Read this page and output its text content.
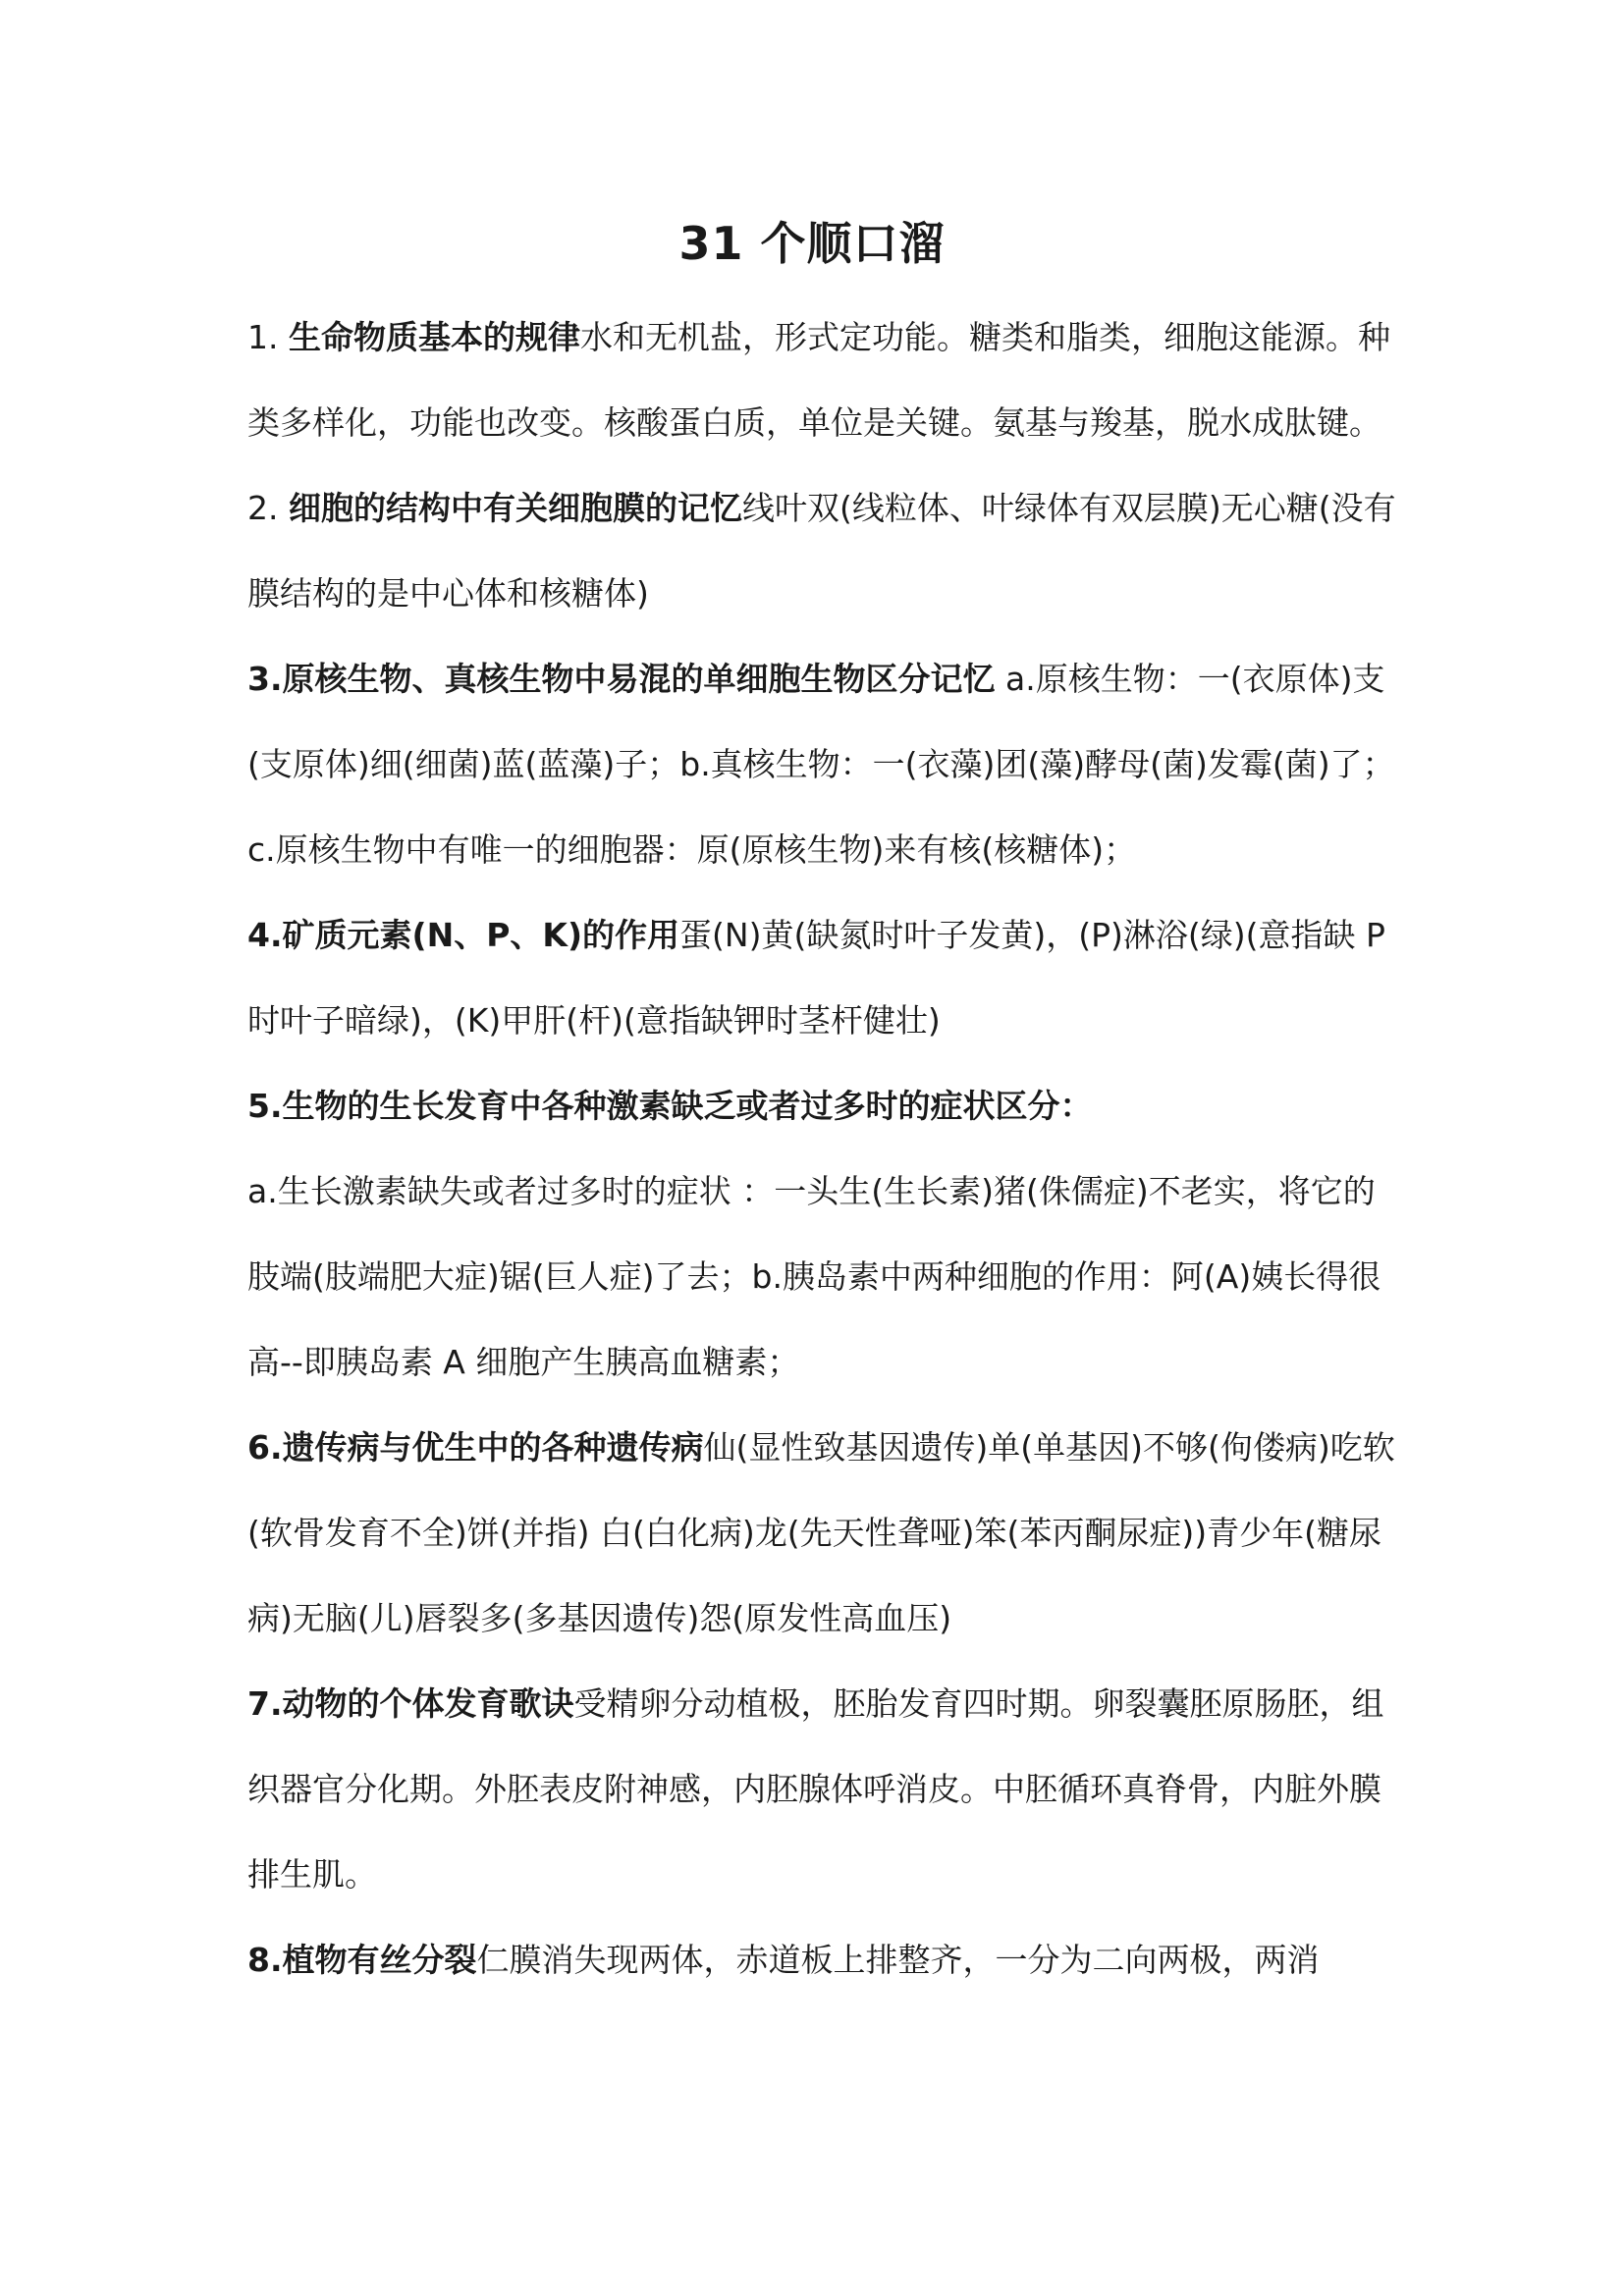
31 个顺口溜

1. 生命物质基本的规律水和无机盐，形式定功能。糖类和脂类，细胞这能源。种类多样化，功能也改变。核酸蛋白质，单位是关键。氨基与羧基，脱水成肽键。

2. 细胞的结构中有关细胞膜的记忆线叶双(线粒体、叶绿体有双层膜)无心糖(没有膜结构的是中心体和核糖体)

3.原核生物、真核生物中易混的单细胞生物区分记忆 a.原核生物：一(衣原体)支(支原体)细(细菌)蓝(蓝藻)子；b.真核生物：一(衣藻)团(藻)酵母(菌)发霉(菌)了；c.原核生物中有唯一的细胞器：原(原核生物)来有核(核糖体)；

4.矿质元素(N、P、K)的作用蛋(N)黄(缺氮时叶子发黄)，(P)淋浴(绿)(意指缺 P 时叶子暗绿)，(K)甲肝(杆)(意指缺钾时茎杆健壮)

5.生物的生长发育中各种激素缺乏或者过多时的症状区分：

a.生长激素缺失或者过多时的症状 ：一头生(生长素)猪(侏儒症)不老实，将它的肢端(肢端肥大症)锯(巨人症)了去；b.胰岛素中两种细胞的作用：阿(A)姨长得很高--即胰岛素 A 细胞产生胰高血糖素；

6.遗传病与优生中的各种遗传病仙(显性致基因遗传)单(单基因)不够(佝偻病)吃软(软骨发育不全)饼(并指) 白(白化病)龙(先天性聋哑)笨(苯丙酮尿症))青少年(糖尿病)无脑(儿)唇裂多(多基因遗传)怨(原发性高血压)

7.动物的个体发育歌诀受精卵分动植极，胚胎发育四时期。卵裂囊胚原肠胚，组织器官分化期。外胚表皮附神感，内胚腺体呼消皮。中胚循环真脊骨，内脏外膜排生肌。

8.植物有丝分裂仁膜消失现两体，赤道板上排整齐，一分为二向两极，两消
